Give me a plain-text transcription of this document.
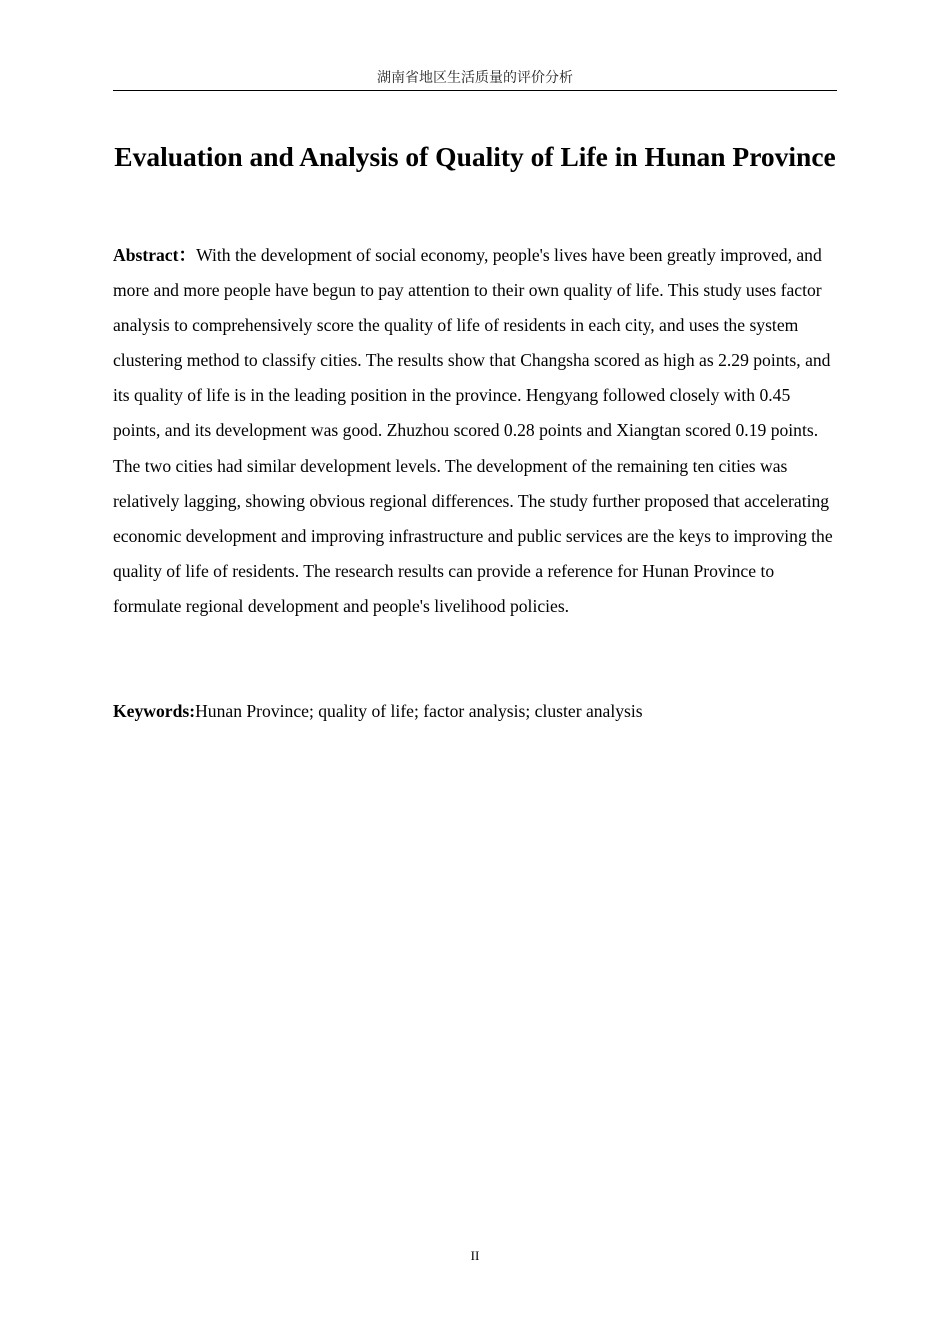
湖南省地区生活质量的评价分析
Evaluation and Analysis of Quality of Life in Hunan Province

Abstract：With the development of social economy, people's lives have been greatly improved, and more and more people have begun to pay attention to their own quality of life. This study uses factor analysis to comprehensively score the quality of life of residents in each city, and uses the system clustering method to classify cities. The results show that Changsha scored as high as 2.29 points, and its quality of life is in the leading position in the province. Hengyang followed closely with 0.45 points, and its development was good. Zhuzhou scored 0.28 points and Xiangtan scored 0.19 points. The two cities had similar development levels. The development of the remaining ten cities was relatively lagging, showing obvious regional differences. The study further proposed that accelerating economic development and improving infrastructure and public services are the keys to improving the quality of life of residents. The research results can provide a reference for Hunan Province to formulate regional development and people's livelihood policies.

Keywords:Hunan Province; quality of life; factor analysis; cluster analysis

II
